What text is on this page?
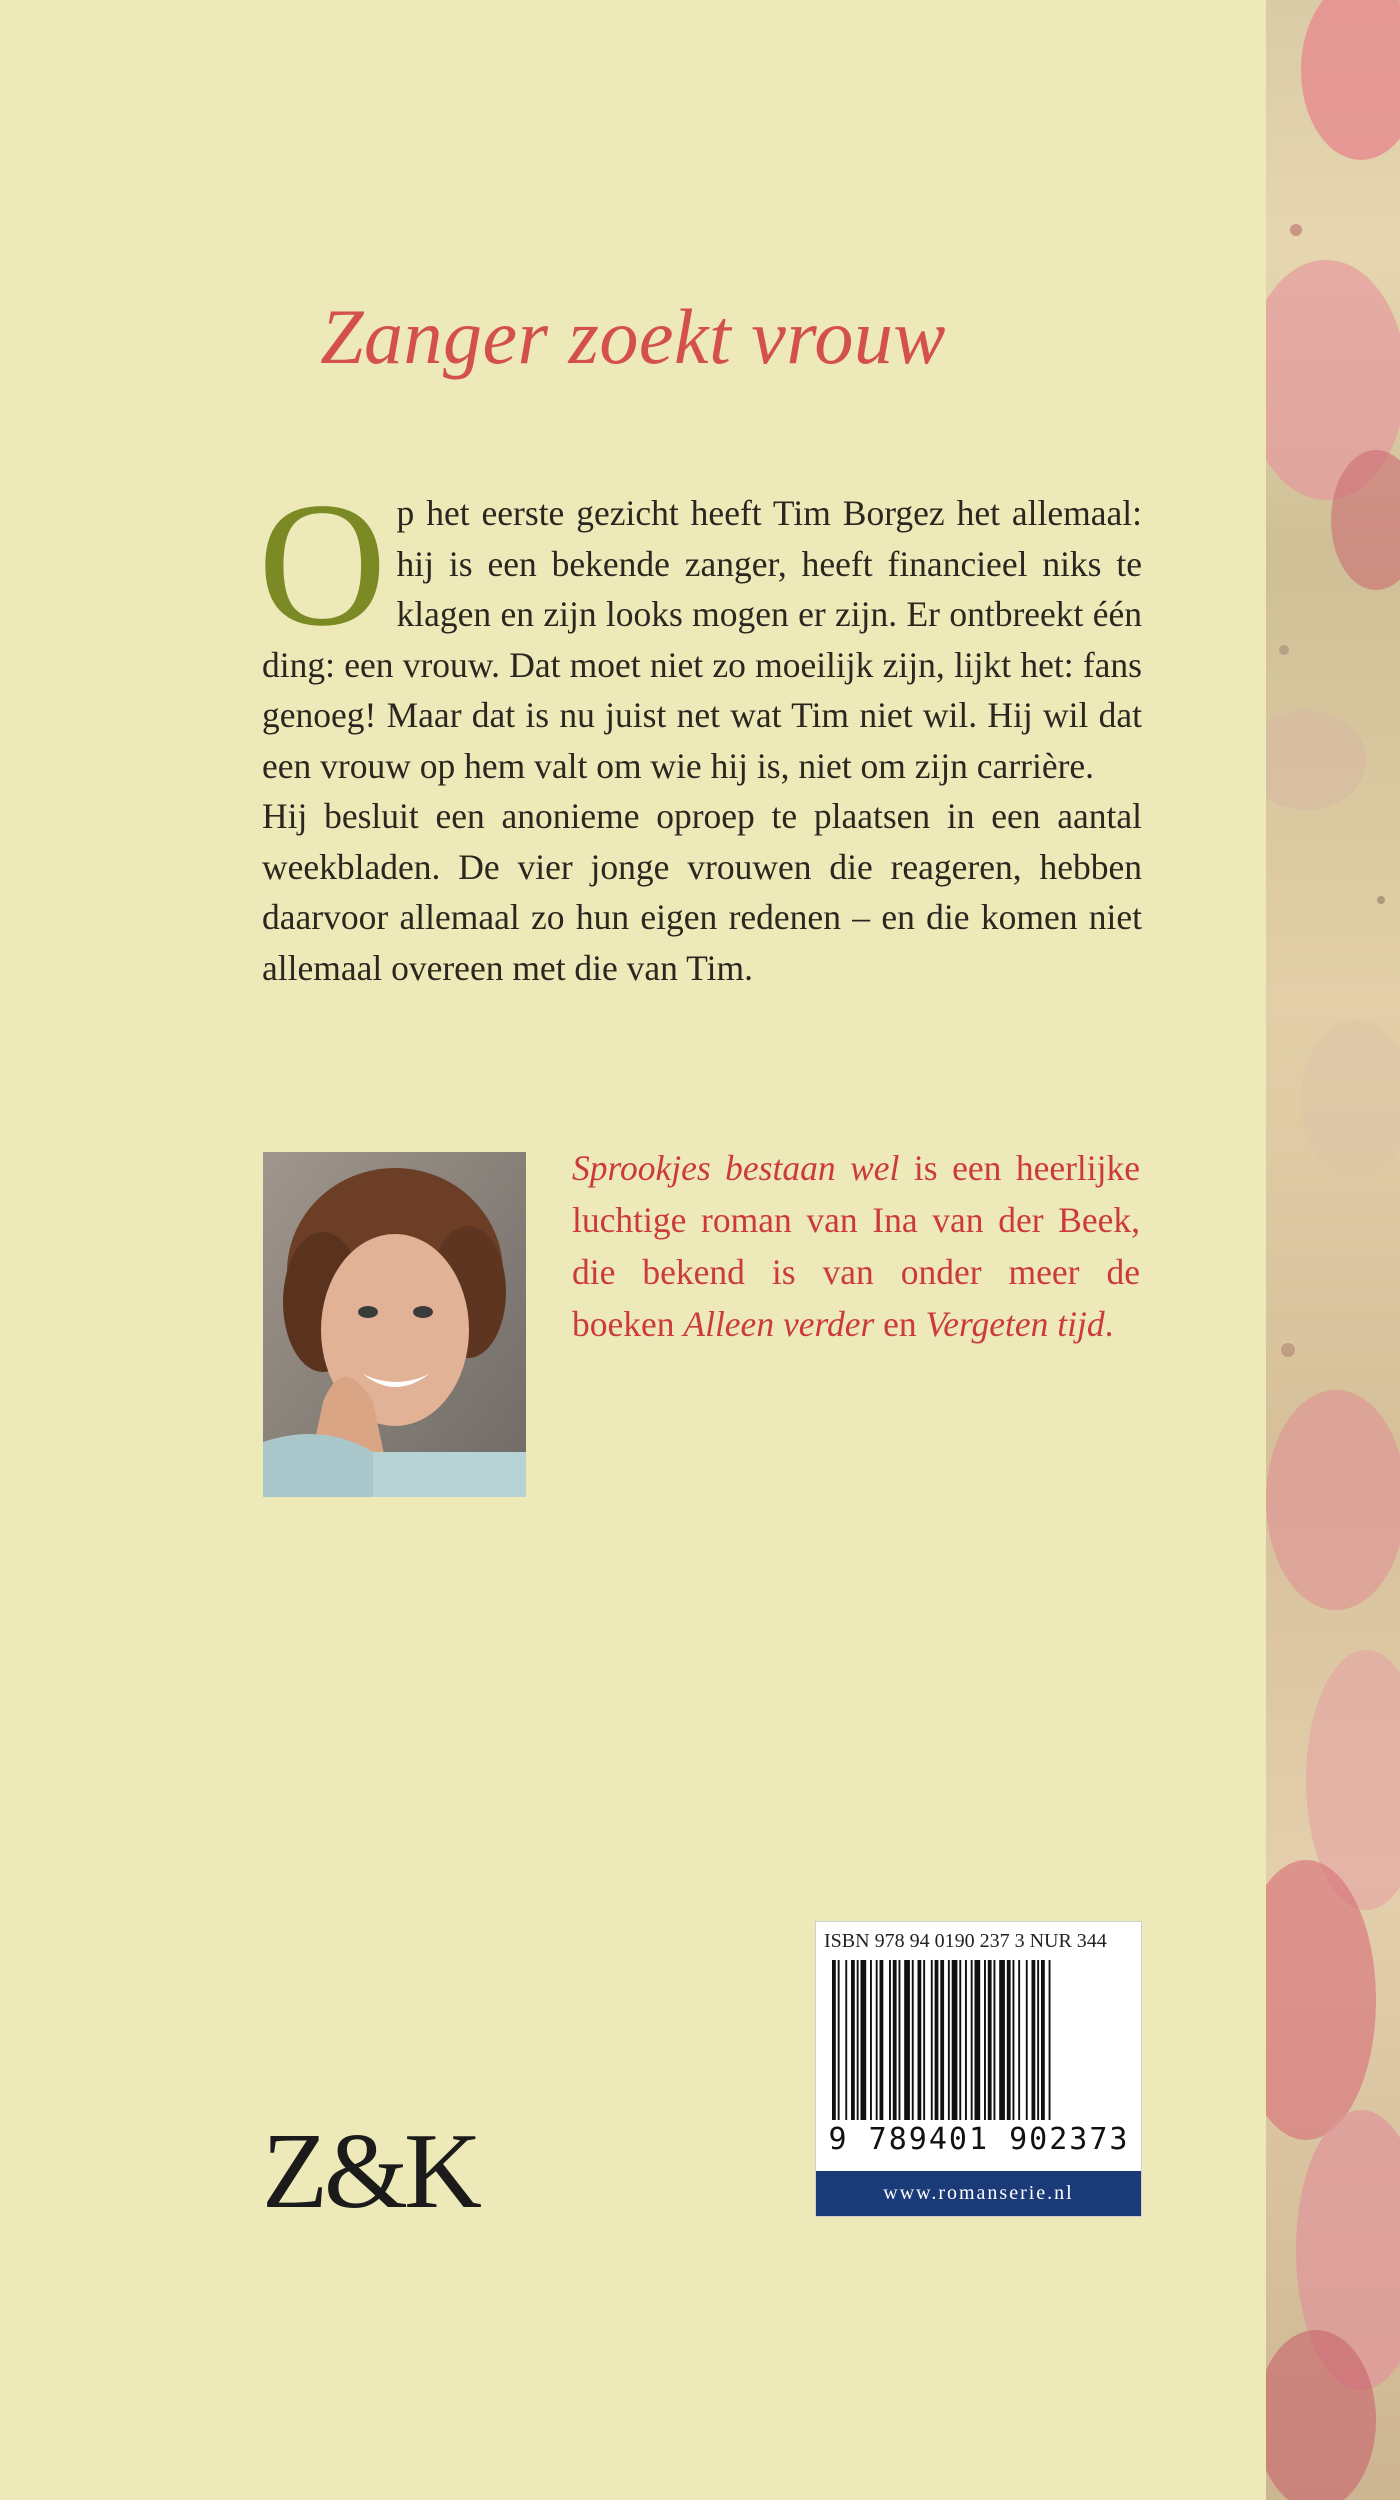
Zanger zoekt vrouw

Op het eerste gezicht heeft Tim Borgez het allemaal: hij is een bekende zanger, heeft financieel niks te klagen en zijn looks mogen er zijn. Er ontbreekt één ding: een vrouw. Dat moet niet zo moeilijk zijn, lijkt het: fans genoeg! Maar dat is nu juist net wat Tim niet wil. Hij wil dat een vrouw op hem valt om wie hij is, niet om zijn carrière.

Hij besluit een anonieme oproep te plaatsen in een aantal weekbladen. De vier jonge vrouwen die reageren, hebben daarvoor allemaal zo hun eigen redenen – en die komen niet allemaal overeen met die van Tim.

Sprookjes bestaan wel is een heerlijke luchtige roman van Ina van der Beek, die bekend is van onder meer de boeken Alleen verder en Vergeten tijd.
ISBN 978 94 0190 237 3 NUR 344
9 789401 902373
www.romanserie.nl
Z&K
